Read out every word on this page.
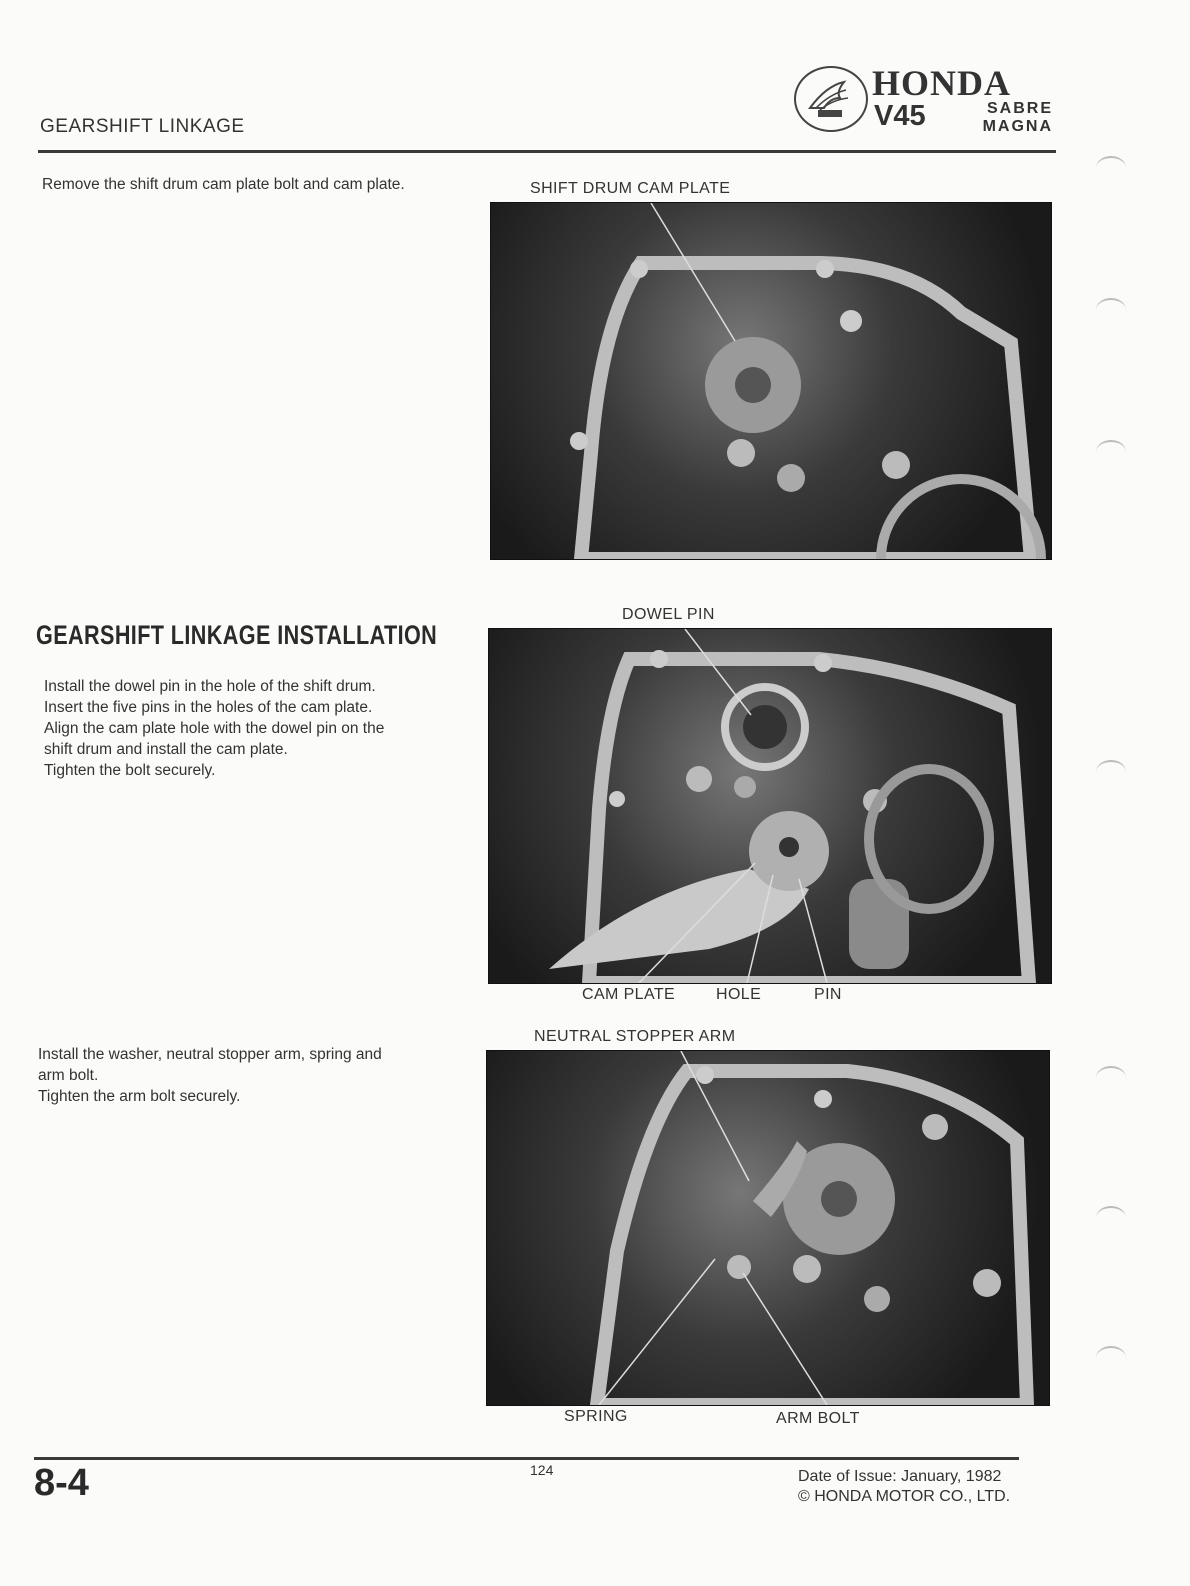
GEARSHIFT LINKAGE
HONDA
V45	SABRE
MAGNA
Remove the shift drum cam plate bolt and cam plate.	SHIFT DRUM CAM PLATE
GEARSHIFT LINKAGE INSTALLATION
Install the dowel pin in the hole of the shift drum.
Insert the five pins in the holes of the cam plate.
Align the cam plate hole with the dowel pin on the
shift drum and install the cam plate.
Tighten the bolt securely.
DOWEL PIN
CAM PLATE	HOLE	PIN
Install the washer, neutral stopper arm, spring and
arm bolt.
Tighten the arm bolt securely.
NEUTRAL STOPPER ARM
SPRING	ARM BOLT
8-4	124	Date of Issue: January, 1982
© HONDA MOTOR CO., LTD.
